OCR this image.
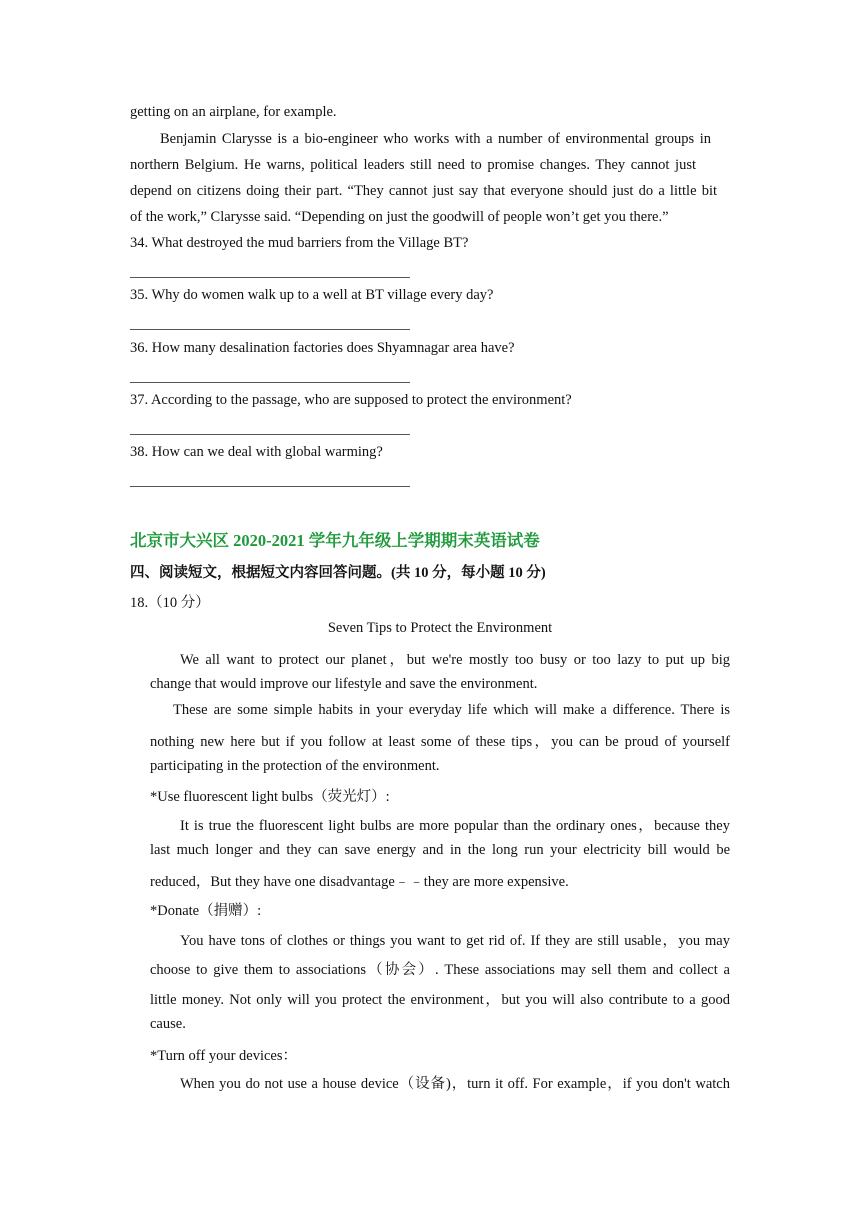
getting on an airplane, for example.
Benjamin Clarysse is a bio-engineer who works with a number of environmental groups in
northern Belgium. He warns, political leaders still need to promise changes. They cannot just
depend on citizens doing their part. “They cannot just say that everyone should just do a little bit
of the work,” Clarysse said. “Depending on just the goodwill of people won’t get you there.”
34. What destroyed the mud barriers from the Village BT?
35. Why do women walk up to a well at BT village every day?
36. How many desalination factories does Shyamnagar area have?
37. According to the passage, who are supposed to protect the environment?
38. How can we deal with global warming?
北京市大兴区 2020-2021 学年九年级上学期期末英语试卷
四、阅读短文，根据短文内容回答问题。(共 10 分，每小题 10 分)
18.（10 分）
Seven Tips to Protect the Environment
We all want to protect our planet，but we're mostly too busy or too lazy to put up big
change that would improve our lifestyle and save the environment.
These are some simple habits in your everyday life which will make a difference. There is
nothing new here but if you follow at least some of these tips，you can be proud of yourself
participating in the protection of the environment.
*Use fluorescent light bulbs（荧光灯）:
It is true the fluorescent light bulbs are more popular than the ordinary ones，because they
last much longer and they can save energy and in the long run your electricity bill would be
reduced，But they have one disadvantage﹣﹣they are more expensive.
*Donate（捐赠）:
You have tons of clothes or things you want to get rid of. If they are still usable，you may
choose to give them to associations（协会）. These associations may sell them and collect a
little money. Not only will you protect the environment，but you will also contribute to a good
cause.
*Turn off your devices：
When you do not use a house device（设备)，turn it off. For example，if you don't watch
